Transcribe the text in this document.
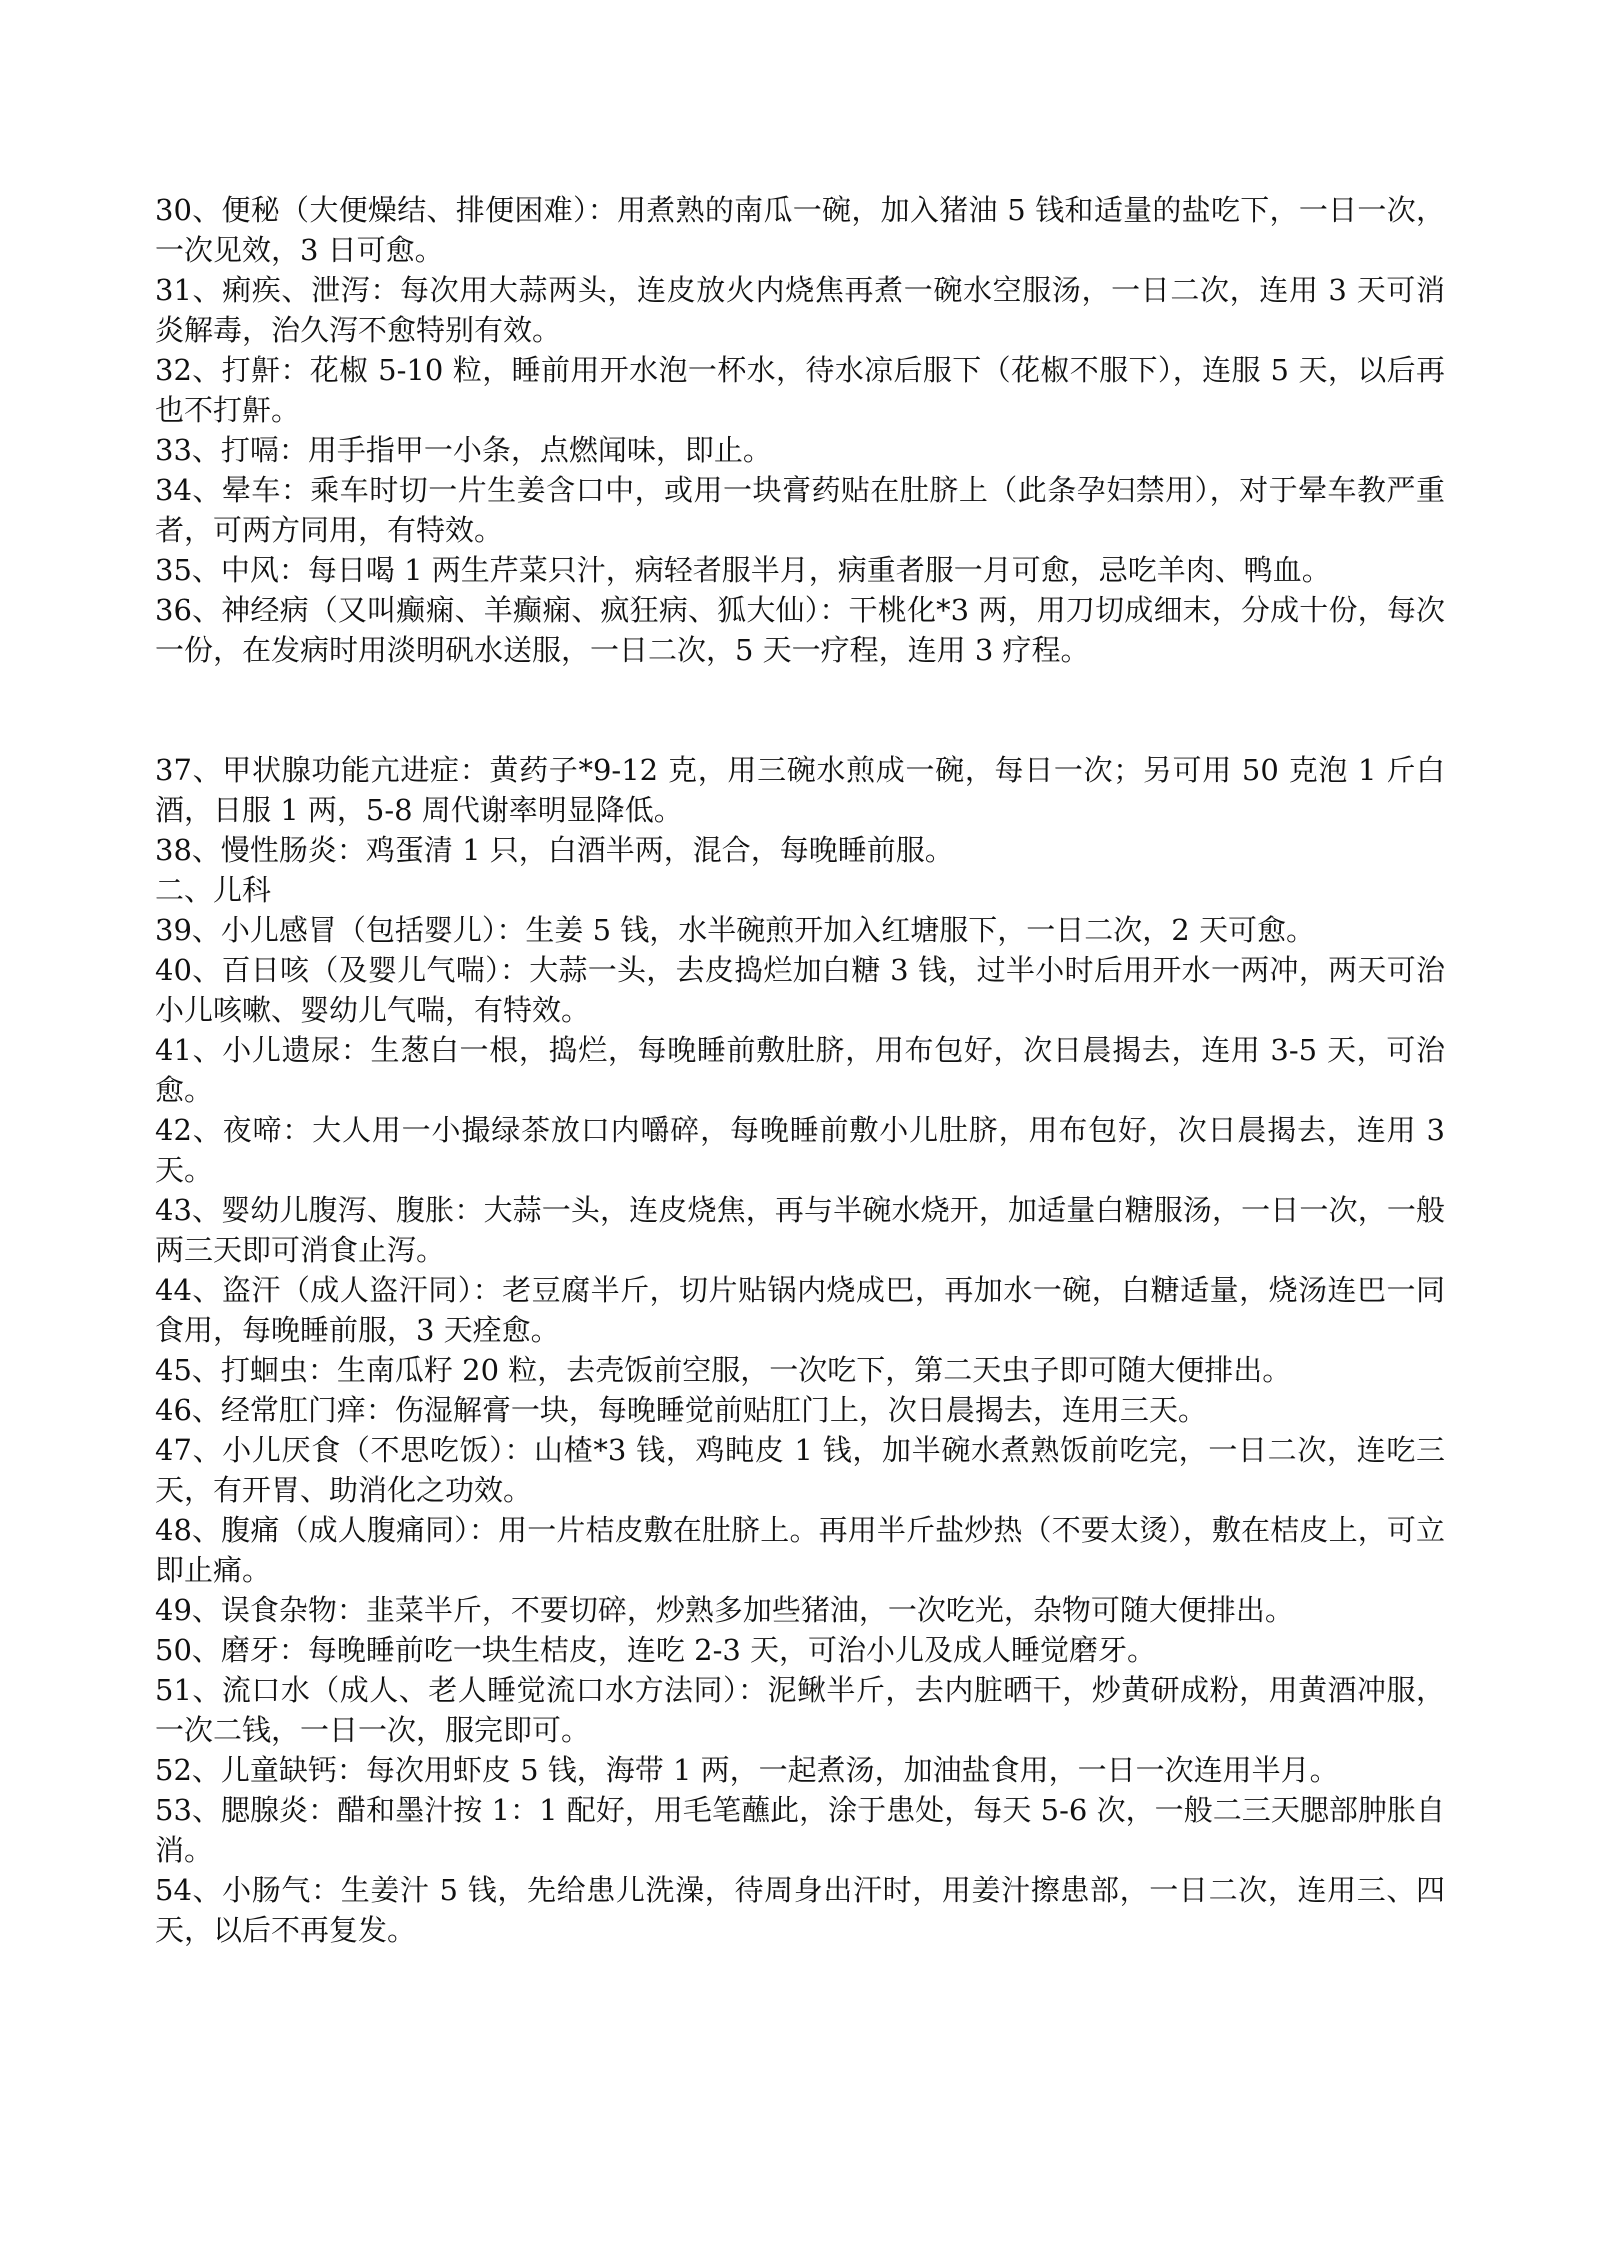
30、便秘（大便燥结、排便困难）：用煮熟的南瓜一碗，加入猪油 5 钱和适量的盐吃下，一日一次，一次见效，3 日可愈。

31、痢疾、泄泻：每次用大蒜两头，连皮放火内烧焦再煮一碗水空服汤，一日二次，连用 3 天可消炎解毒，治久泻不愈特别有效。

32、打鼾：花椒 5-10 粒，睡前用开水泡一杯水，待水凉后服下（花椒不服下），连服 5 天，以后再也不打鼾。

33、打嗝：用手指甲一小条，点燃闻味，即止。

34、晕车：乘车时切一片生姜含口中，或用一块膏药贴在肚脐上（此条孕妇禁用），对于晕车教严重者，可两方同用，有特效。

35、中风：每日喝 1 两生芹菜只汁，病轻者服半月，病重者服一月可愈，忌吃羊肉、鸭血。

36、神经病（又叫癫痫、羊癫痫、疯狂病、狐大仙）：干桃化*3 两，用刀切成细末，分成十份，每次一份，在发病时用淡明矾水送服，一日二次，5 天一疗程，连用 3 疗程。

37、甲状腺功能亢进症：黄药子*9-12 克，用三碗水煎成一碗，每日一次；另可用 50 克泡 1 斤白酒，日服 1 两，5-8 周代谢率明显降低。

38、慢性肠炎：鸡蛋清 1 只，白酒半两，混合，每晚睡前服。

二、儿科

39、小儿感冒（包括婴儿）：生姜 5 钱，水半碗煎开加入红塘服下，一日二次，2 天可愈。

40、百日咳（及婴儿气喘）：大蒜一头，去皮捣烂加白糖 3 钱，过半小时后用开水一两冲，两天可治小儿咳嗽、婴幼儿气喘，有特效。

41、小儿遗尿：生葱白一根，捣烂，每晚睡前敷肚脐，用布包好，次日晨揭去，连用 3-5 天，可治愈。

42、夜啼：大人用一小撮绿茶放口内嚼碎，每晚睡前敷小儿肚脐，用布包好，次日晨揭去，连用 3 天。

43、婴幼儿腹泻、腹胀：大蒜一头，连皮烧焦，再与半碗水烧开，加适量白糖服汤，一日一次，一般两三天即可消食止泻。

44、盗汗（成人盗汗同）：老豆腐半斤，切片贴锅内烧成巴，再加水一碗，白糖适量，烧汤连巴一同食用，每晚睡前服，3 天痊愈。

45、打蛔虫：生南瓜籽 20 粒，去壳饭前空服，一次吃下，第二天虫子即可随大便排出。

46、经常肛门痒：伤湿解膏一块，每晚睡觉前贴肛门上，次日晨揭去，连用三天。

47、小儿厌食（不思吃饭）：山楂*3 钱，鸡盹皮 1 钱，加半碗水煮熟饭前吃完，一日二次，连吃三天，有开胃、助消化之功效。

48、腹痛（成人腹痛同）：用一片桔皮敷在肚脐上。再用半斤盐炒热（不要太烫），敷在桔皮上，可立即止痛。

49、误食杂物：韭菜半斤，不要切碎，炒熟多加些猪油，一次吃光，杂物可随大便排出。

50、磨牙：每晚睡前吃一块生桔皮，连吃 2-3 天，可治小儿及成人睡觉磨牙。

51、流口水（成人、老人睡觉流口水方法同）：泥鳅半斤，去内脏晒干，炒黄研成粉，用黄酒冲服，一次二钱，一日一次，服完即可。

52、儿童缺钙：每次用虾皮 5 钱，海带 1 两，一起煮汤，加油盐食用，一日一次连用半月。

53、腮腺炎：醋和墨汁按 1：1 配好，用毛笔蘸此，涂于患处，每天 5-6 次，一般二三天腮部肿胀自消。

54、小肠气：生姜汁 5 钱，先给患儿洗澡，待周身出汗时，用姜汁擦患部，一日二次，连用三、四天，以后不再复发。
